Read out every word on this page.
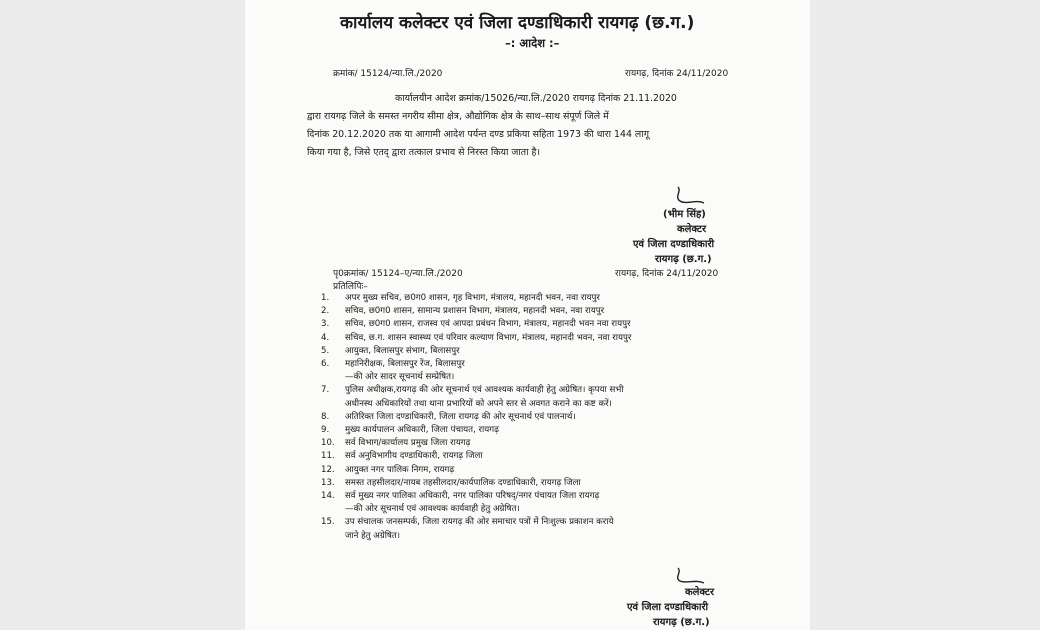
कार्यालय कलेक्टर एवं जिला दण्डाधिकारी रायगढ़ (छ.ग.)
–: आदेश :–
क्रमांक/ 15124/न्या.लि./2020	रायगढ़, दिनांक 24/11/2020
कार्यालयीन आदेश क्रमांक/15026/न्या.लि./2020 रायगढ़ दिनांक 21.11.2020
द्वारा रायगढ़ जिले के समस्त नगरीय सीमा क्षेत्र, औद्योगिक क्षेत्र के साथ–साथ संपूर्ण जिले में
दिनांक 20.12.2020 तक या आगामी आदेश पर्यन्त दण्ड प्रकिया सहिता 1973 की धारा 144 लागू
किया गया है, जिसे एतद् द्वारा तत्काल प्रभाव से निरस्त किया जाता है।
(भीम सिंह)
कलेक्टर
एवं जिला दण्डाधिकारी
रायगढ़ (छ.ग.)
पृ0क्रमांक/ 15124–ए/न्या.लि./2020	रायगढ़, दिनांक 24/11/2020
प्रतिलिपिः–
1.	अपर मुख्य सचिव, छ0ग0 शासन, गृह विभाग, मंत्रालय, महानदी भवन, नवा रायपुर
2.	सचिव, छ0ग0 शासन, सामान्य प्रशासन विभाग, मंत्रालय, महानदी भवन, नवा रायपुर
3.	सचिव, छ0ग0 शासन, राजस्व एवं आपदा प्रबंधन विभाग, मंत्रालय, महानदी भवन नवा रायपुर
4.	सचिव, छ.ग. शासन स्वास्थ्य एवं परिवार कल्याण विभाग, मंत्रालय, महानदी भवन, नवा रायपुर
5.	आयुक्त, बिलासपुर संभाग, बिलासपुर
6.	महानिरीक्षक, बिलासपुर रेंज, बिलासपुर
—की ओर सादर सूचनार्थ सम्प्रेषित।
7.	पुलिस अधीक्षक,रायगढ़ की ओर सूचनार्थ एवं आवश्यक कार्यवाही हेतु अग्रेषित। कृपया सभी
अधीनस्थ अधिकारियों तथा थाना प्रभारियों को अपने स्तर से अवगत कराने का कष्ट करें।
8.	अतिरिक्त जिला दण्डाधिकारी, जिला रायगढ़ की ओर सूचनार्थ एवं पालनार्थ।
9.	मुख्य कार्यपालन अधिकारी, जिला पंचायत, रायगढ़
10.	सर्व विभाग/कार्यालय प्रमुख जिला रायगढ़
11.	सर्व अनुविभागीय दण्डाधिकारी, रायगढ़ जिला
12.	आयुक्त नगर पालिक निगम, रायगढ़
13.	समस्त तहसीलदार/नायब तहसीलदार/कार्यपालिक दण्डाधिकारी, रायगढ़ जिला
14.	सर्व मुख्य नगर पालिका अधिकारी, नगर पालिका परिषद्/नगर पंचायत जिला रायगढ़
—की ओर सूचनार्थ एवं आवश्यक कार्यवाही हेतु अग्रेषित।
15.	उप संचालक जनसम्पर्क, जिला रायगढ़ की ओर समाचार पत्रों में निःशुल्क प्रकाशन कराये
जाने हेतु अग्रेषित।
कलेक्टर
एवं जिला दण्डाधिकारी
रायगढ़ (छ.ग.)
